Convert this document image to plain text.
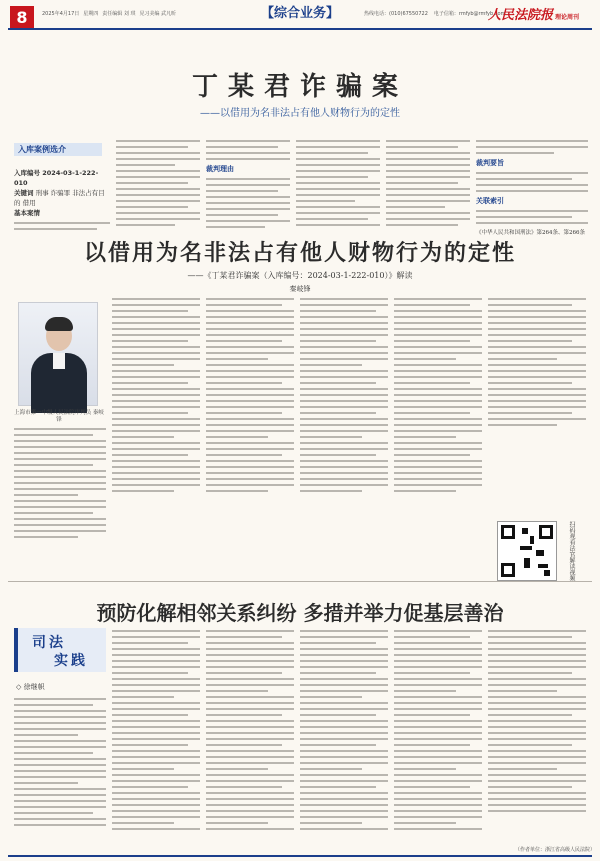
8	2025年4月17日 星期四 责任编辑 刘 琪 见习美编 武凡昕	【综合业务】	热线电话：(010)67550722 电子信箱：rmfyb@rmfyb.com
人民法院报 理论周刊
丁某君诈骗案
——以借用为名非法占有他人财物行为的定性
入库案例选介
入库编号 2024-03-1-222-010
关键词 刑事 诈骗罪 非法占有目的 借用
基本案情
裁判理由
裁判要旨
关联索引
《中华人民共和国刑法》第264条、第266条
以借用为名非法占有他人财物行为的定性
——《丁某君诈骗案（入库编号：2024-03-1-222-010）》解读
秦岐锋
上海市第一中级人民法院审判员 秦岐锋
扫码观看法官解读视频
预防化解相邻关系纠纷 多措并举力促基层善治
司法
实践
◇ 徐继帜
（作者单位：浙江省高级人民法院）
